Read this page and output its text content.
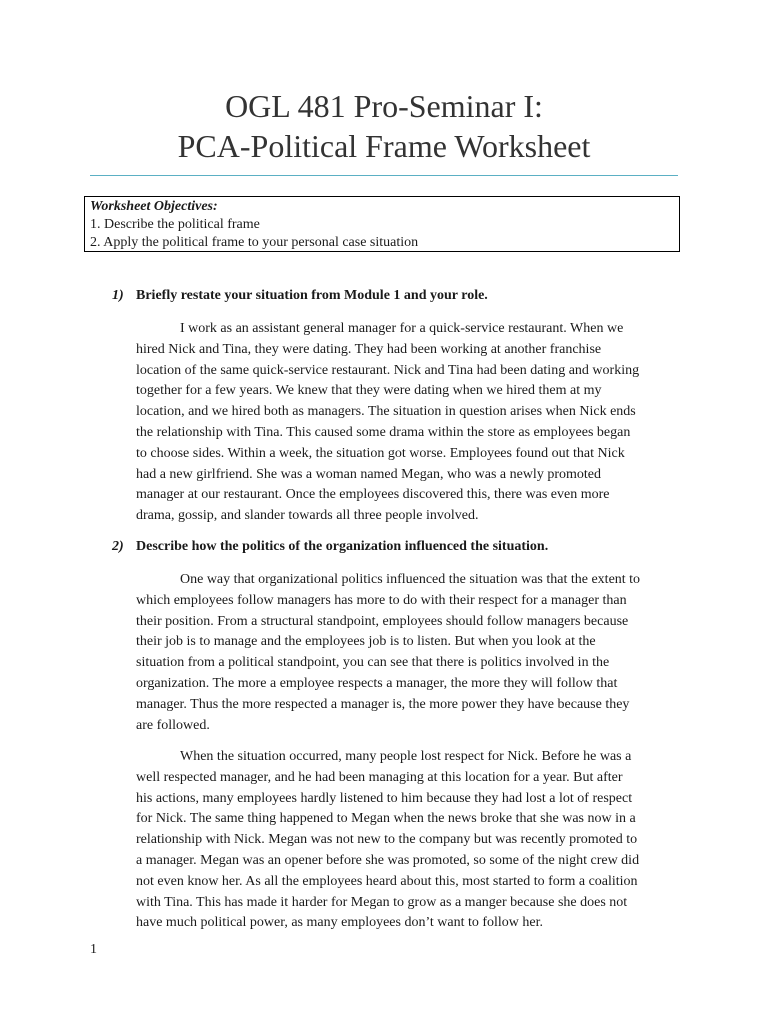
OGL 481 Pro-Seminar I:
PCA-Political Frame Worksheet
Worksheet Objectives:
1. Describe the political frame
2. Apply the political frame to your personal case situation
1) Briefly restate your situation from Module 1 and your role.
I work as an assistant general manager for a quick-service restaurant. When we
hired Nick and Tina, they were dating. They had been working at another franchise
location of the same quick-service restaurant. Nick and Tina had been dating and working
together for a few years. We knew that they were dating when we hired them at my
location, and we hired both as managers. The situation in question arises when Nick ends
the relationship with Tina. This caused some drama within the store as employees began
to choose sides. Within a week, the situation got worse. Employees found out that Nick
had a new girlfriend. She was a woman named Megan, who was a newly promoted
manager at our restaurant. Once the employees discovered this, there was even more
drama, gossip, and slander towards all three people involved.
2) Describe how the politics of the organization influenced the situation.
One way that organizational politics influenced the situation was that the extent to
which employees follow managers has more to do with their respect for a manager than
their position. From a structural standpoint, employees should follow managers because
their job is to manage and the employees job is to listen. But when you look at the
situation from a political standpoint, you can see that there is politics involved in the
organization. The more a employee respects a manager, the more they will follow that
manager. Thus the more respected a manager is, the more power they have because they
are followed.
When the situation occurred, many people lost respect for Nick. Before he was a
well respected manager, and he had been managing at this location for a year. But after
his actions, many employees hardly listened to him because they had lost a lot of respect
for Nick. The same thing happened to Megan when the news broke that she was now in a
relationship with Nick. Megan was not new to the company but was recently promoted to
a manager. Megan was an opener before she was promoted, so some of the night crew did
not even know her. As all the employees heard about this, most started to form a coalition
with Tina. This has made it harder for Megan to grow as a manger because she does not
have much political power, as many employees don’t want to follow her.
1
